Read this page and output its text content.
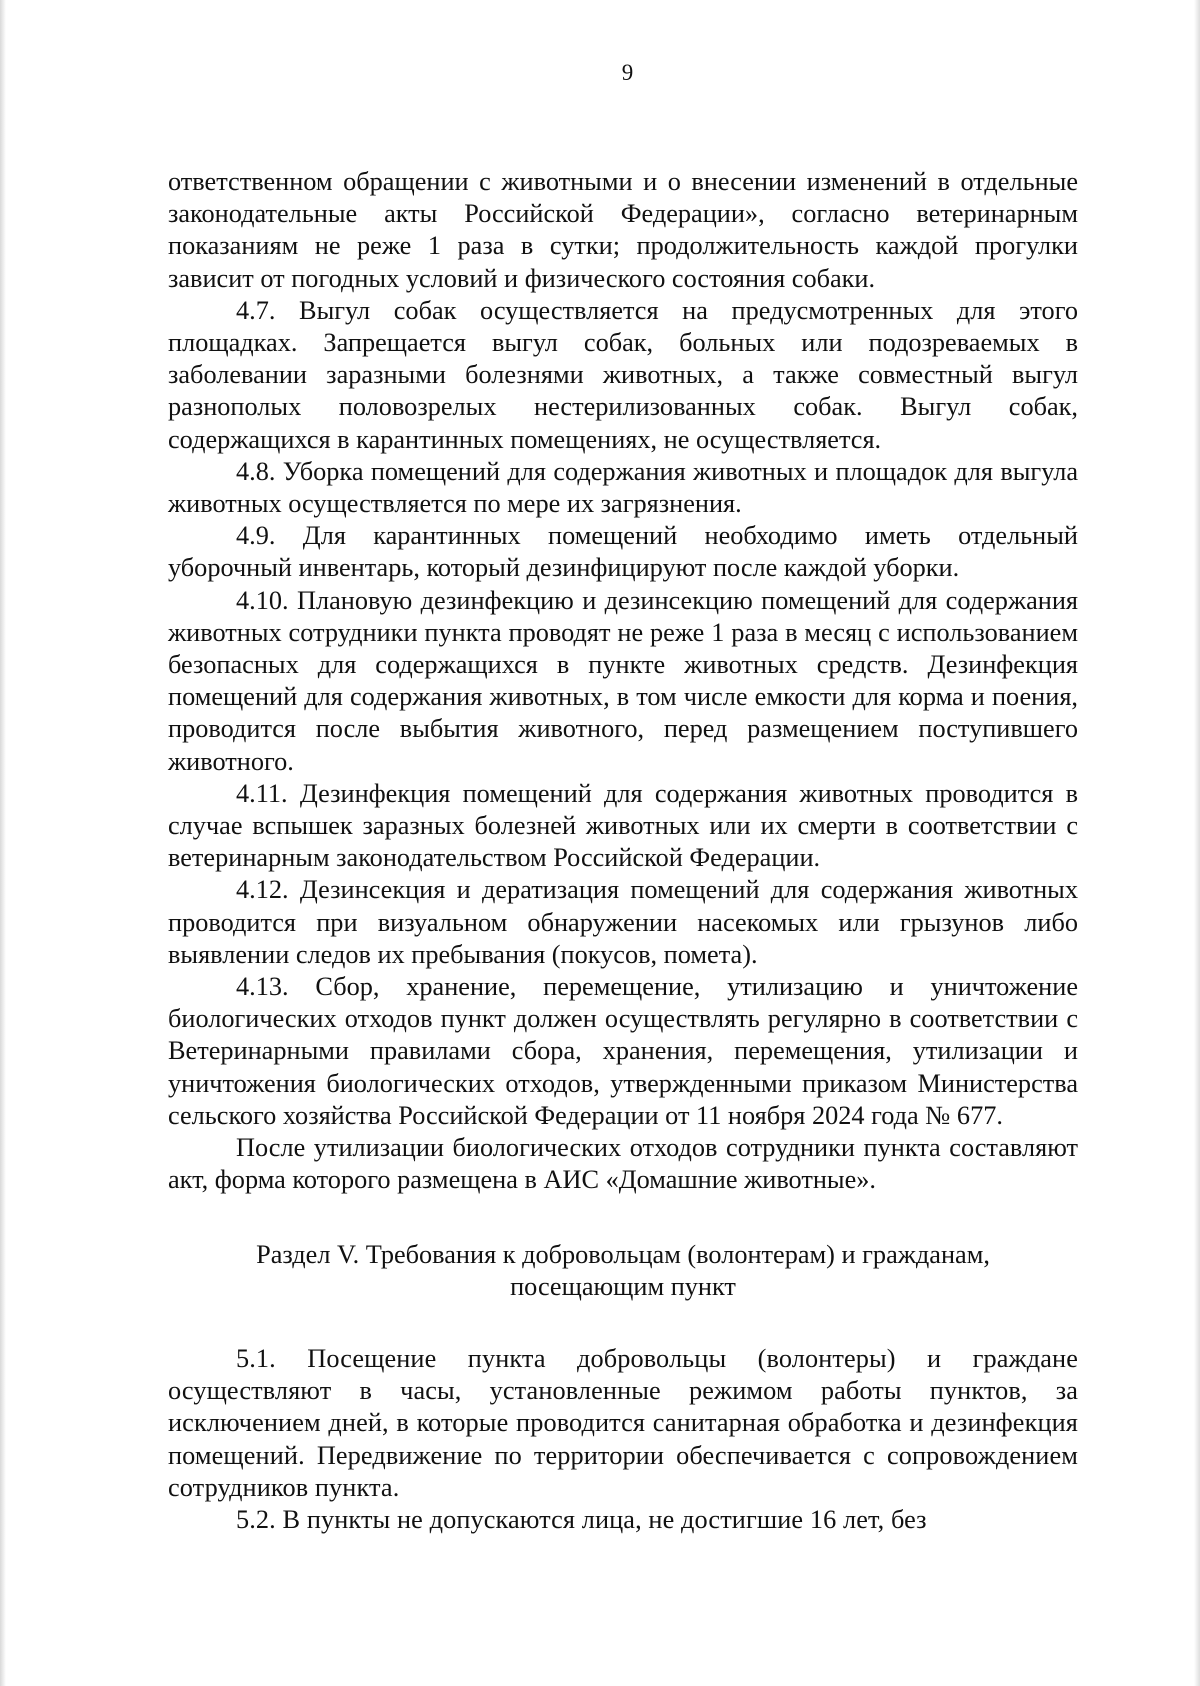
9

ответственном обращении с животными и о внесении изменений в отдельные законодательные акты Российской Федерации», согласно ветеринарным показаниям не реже 1 раза в сутки; продолжительность каждой прогулки зависит от погодных условий и физического состояния собаки.

4.7. Выгул собак осуществляется на предусмотренных для этого площадках. Запрещается выгул собак, больных или подозреваемых в заболевании заразными болезнями животных, а также совместный выгул разнополых половозрелых нестерилизованных собак. Выгул собак, содержащихся в карантинных помещениях, не осуществляется.

4.8. Уборка помещений для содержания животных и площадок для выгула животных осуществляется по мере их загрязнения.

4.9. Для карантинных помещений необходимо иметь отдельный уборочный инвентарь, который дезинфицируют после каждой уборки.

4.10. Плановую дезинфекцию и дезинсекцию помещений для содержания животных сотрудники пункта проводят не реже 1 раза в месяц с использованием безопасных для содержащихся в пункте животных средств. Дезинфекция помещений для содержания животных, в том числе емкости для корма и поения, проводится после выбытия животного, перед размещением поступившего животного.

4.11. Дезинфекция помещений для содержания животных проводится в случае вспышек заразных болезней животных или их смерти в соответствии с ветеринарным законодательством Российской Федерации.

4.12. Дезинсекция и дератизация помещений для содержания животных проводится при визуальном обнаружении насекомых или грызунов либо выявлении следов их пребывания (покусов, помета).

4.13. Сбор, хранение, перемещение, утилизацию и уничтожение биологических отходов пункт должен осуществлять регулярно в соответствии с Ветеринарными правилами сбора, хранения, перемещения, утилизации и уничтожения биологических отходов, утвержденными приказом Министерства сельского хозяйства Российской Федерации от 11 ноября 2024 года № 677.

После утилизации биологических отходов сотрудники пункта составляют акт, форма которого размещена в АИС «Домашние животные».

Раздел V. Требования к добровольцам (волонтерам) и гражданам,
посещающим пункт

5.1. Посещение пункта добровольцы (волонтеры) и граждане осуществляют в часы, установленные режимом работы пунктов, за исключением дней, в которые проводится санитарная обработка и дезинфекция помещений. Передвижение по территории обеспечивается с сопровождением сотрудников пункта.

5.2. В пункты не допускаются лица, не достигшие 16 лет, без
